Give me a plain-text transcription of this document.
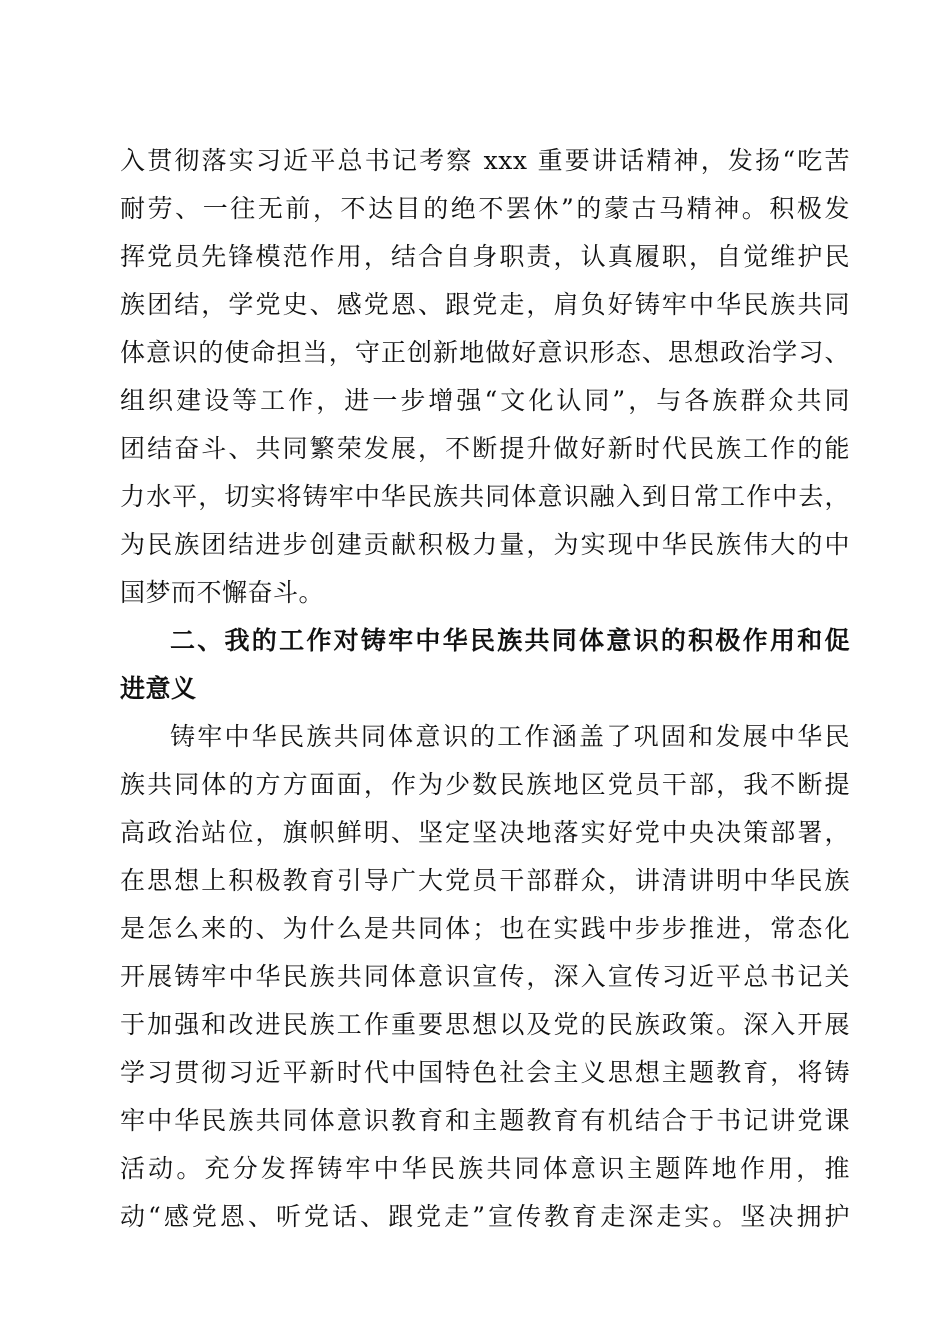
入贯彻落实习近平总书记考察 xxx 重要讲话精神，发扬“吃苦
耐劳、一往无前，不达目的绝不罢休”的蒙古马精神。积极发
挥党员先锋模范作用，结合自身职责，认真履职，自觉维护民
族团结，学党史、感党恩、跟党走，肩负好铸牢中华民族共同
体意识的使命担当，守正创新地做好意识形态、思想政治学习、
组织建设等工作，进一步增强“文化认同”，与各族群众共同
团结奋斗、共同繁荣发展，不断提升做好新时代民族工作的能
力水平，切实将铸牢中华民族共同体意识融入到日常工作中去，
为民族团结进步创建贡献积极力量，为实现中华民族伟大的中
国梦而不懈奋斗。
二、我的工作对铸牢中华民族共同体意识的积极作用和促
进意义
铸牢中华民族共同体意识的工作涵盖了巩固和发展中华民
族共同体的方方面面，作为少数民族地区党员干部，我不断提
高政治站位，旗帜鲜明、坚定坚决地落实好党中央决策部署，
在思想上积极教育引导广大党员干部群众，讲清讲明中华民族
是怎么来的、为什么是共同体；也在实践中步步推进，常态化
开展铸牢中华民族共同体意识宣传，深入宣传习近平总书记关
于加强和改进民族工作重要思想以及党的民族政策。深入开展
学习贯彻习近平新时代中国特色社会主义思想主题教育，将铸
牢中华民族共同体意识教育和主题教育有机结合于书记讲党课
活动。充分发挥铸牢中华民族共同体意识主题阵地作用，推
动“感党恩、听党话、跟党走”宣传教育走深走实。坚决拥护
